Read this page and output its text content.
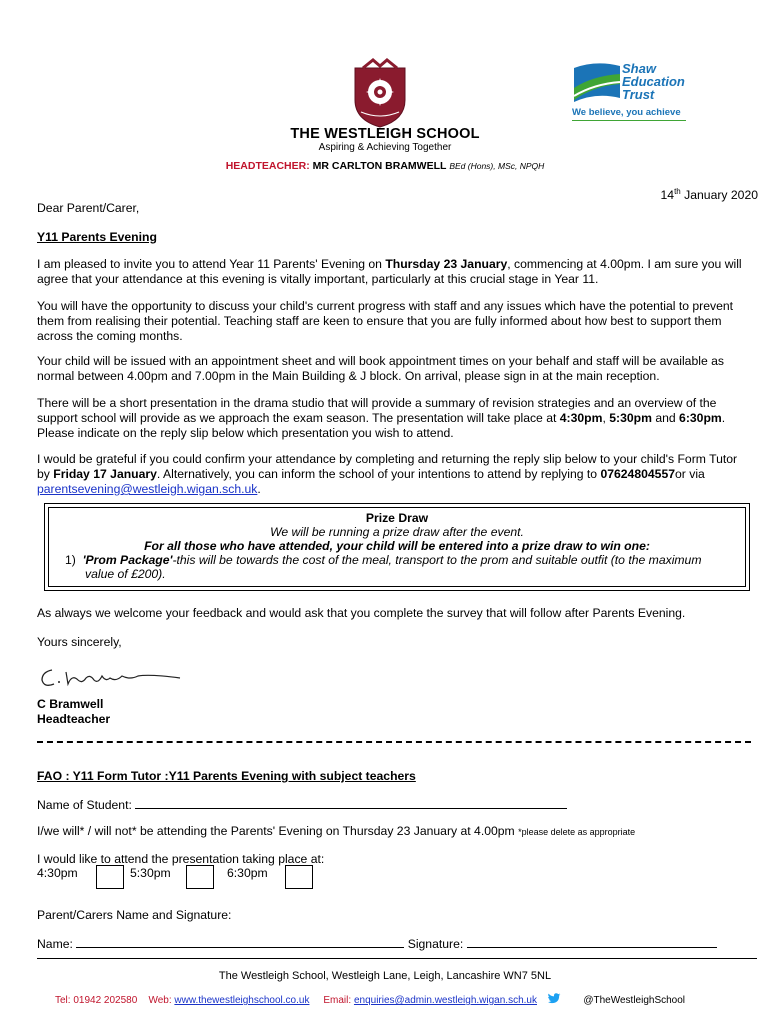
THE WESTLEIGH SCHOOL
Aspiring & Achieving Together
HEADTEACHER: MR CARLTON BRAMWELL BEd (Hons), MSc, NPQH
Shaw
Education
Trust
We believe, you achieve
14th January 2020
Dear Parent/Carer,
Y11 Parents Evening
I am pleased to invite you to attend Year 11 Parents' Evening on Thursday 23 January, commencing at 4.00pm. I am sure you will agree that your attendance at this evening is vitally important, particularly at this crucial stage in Year 11.
You will have the opportunity to discuss your child's current progress with staff and any issues which have the potential to prevent them from realising their potential. Teaching staff are keen to ensure that you are fully informed about how best to support them across the coming months.
Your child will be issued with an appointment sheet and will book appointment times on your behalf and staff will be available as normal between 4.00pm and 7.00pm in the Main Building & J block. On arrival, please sign in at the main reception.
There will be a short presentation in the drama studio that will provide a summary of revision strategies and an overview of the support school will provide as we approach the exam season. The presentation will take place at 4:30pm, 5:30pm and 6:30pm. Please indicate on the reply slip below which presentation you wish to attend.
I would be grateful if you could confirm your attendance by completing and returning the reply slip below to your child's Form Tutor by Friday 17 January. Alternatively, you can inform the school of your intentions to attend by replying to 07624804557or via parentsevening@westleigh.wigan.sch.uk.
Prize Draw
We will be running a prize draw after the event.
For all those who have attended, your child will be entered into a prize draw to win one:
1) 'Prom Package'-this will be towards the cost of the meal, transport to the prom and suitable outfit (to the maximum
value of £200).
As always we welcome your feedback and would ask that you complete the survey that will follow after Parents Evening.
Yours sincerely,
C Bramwell
Headteacher
FAO : Y11 Form Tutor :Y11 Parents Evening with subject teachers
Name of Student:
I/we will* / will not* be attending the Parents' Evening on Thursday 23 January at 4.00pm *please delete as appropriate
I would like to attend the presentation taking place at:
4:30pm	5:30pm	6:30pm
Parent/Carers Name and Signature:
Name:	Signature:
The Westleigh School, Westleigh Lane, Leigh, Lancashire WN7 5NL
Tel: 01942 202580 Web: www.thewestleighschool.co.uk Email: enquiries@admin.westleigh.wigan.sch.uk	@TheWestleighSchool
